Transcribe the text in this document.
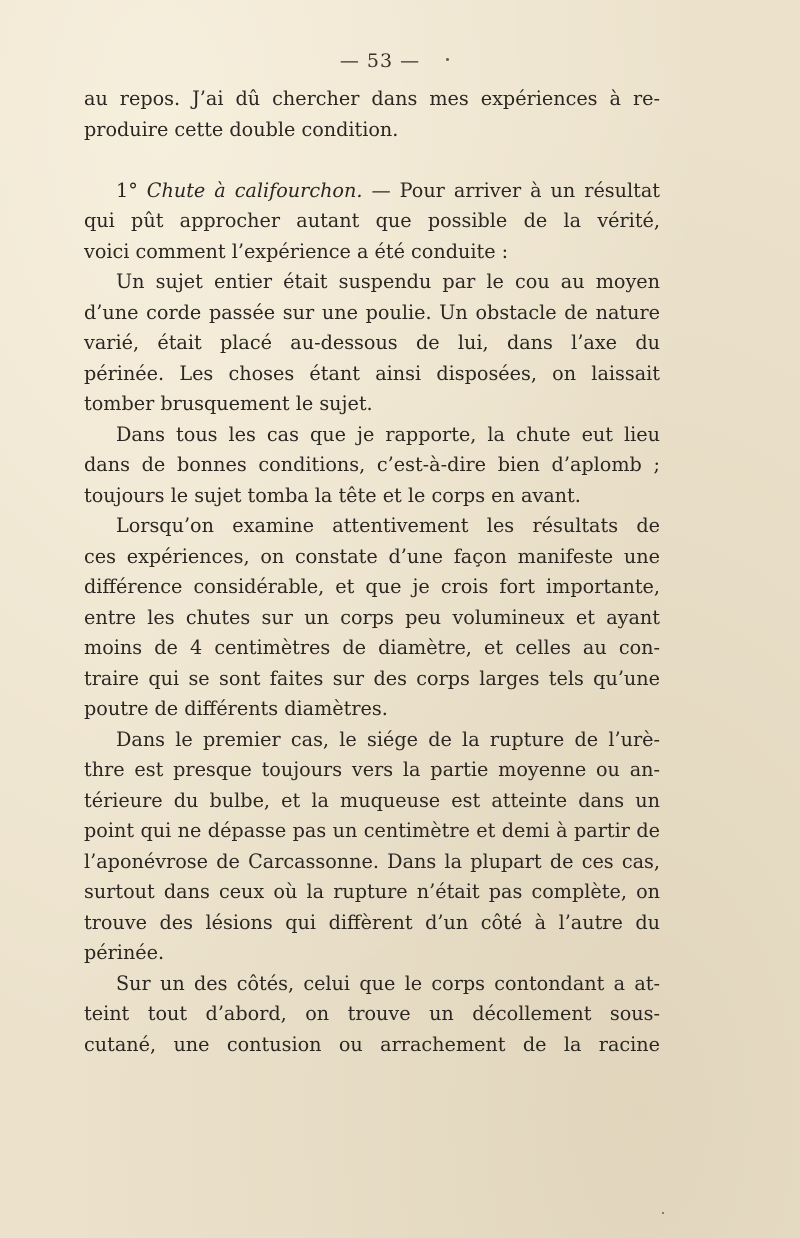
— 53 —
au repos. J’ai dû chercher dans mes expériences à re-
produire cette double condition.
1° Chute à califourchon. — Pour arriver à un résultat
qui pût approcher autant que possible de la vérité,
voici comment l’expérience a été conduite :
Un sujet entier était suspendu par le cou au moyen
d’une corde passée sur une poulie. Un obstacle de nature
varié, était placé au-dessous de lui, dans l’axe du
périnée. Les choses étant ainsi disposées, on laissait
tomber brusquement le sujet.
Dans tous les cas que je rapporte, la chute eut lieu
dans de bonnes conditions, c’est-à-dire bien d’aplomb ;
toujours le sujet tomba la tête et le corps en avant.
Lorsqu’on examine attentivement les résultats de
ces expériences, on constate d’une façon manifeste une
différence considérable, et que je crois fort importante,
entre les chutes sur un corps peu volumineux et ayant
moins de 4 centimètres de diamètre, et celles au con-
traire qui se sont faites sur des corps larges tels qu’une
poutre de différents diamètres.
Dans le premier cas, le siége de la rupture de l’urè-
thre est presque toujours vers la partie moyenne ou an-
térieure du bulbe, et la muqueuse est atteinte dans un
point qui ne dépasse pas un centimètre et demi à partir de
l’aponévrose de Carcassonne. Dans la plupart de ces cas,
surtout dans ceux où la rupture n’était pas complète, on
trouve des lésions qui diffèrent d’un côté à l’autre du
périnée.
Sur un des côtés, celui que le corps contondant a at-
teint tout d’abord, on trouve un décollement sous-
cutané, une contusion ou arrachement de la racine
